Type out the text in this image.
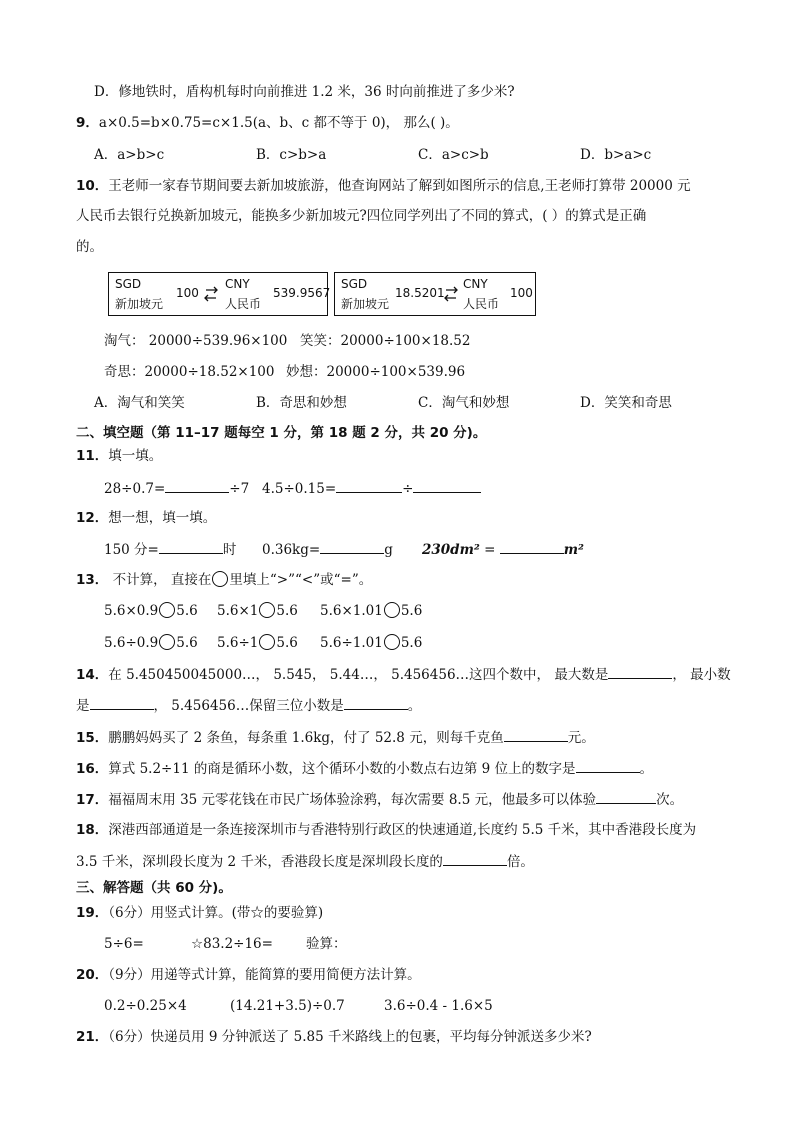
D．修地铁时，盾构机每时向前推进 1.2 米，36 时向前推进了多少米?
9．a×0.5=b×0.75=c×1.5(a、b、c 都不等于 0)， 那么( )。
A．a>b>c	B．c>b>a	C．a>c>b	D．b>a>c
10．王老师一家春节期间要去新加坡旅游，他查询网站了解到如图所示的信息,王老师打算带 20000 元
人民币去银行兑换新加坡元，能换多少新加坡元?四位同学列出了不同的算式，( ）的算式是正确
的。
SGD
新加坡元
100
CNY
人民币
539.9567
SGD
新加坡元
18.5201
CNY
人民币
100
淘气： 20000÷539.96×100 笑笑：20000÷100×18.52
奇思：20000÷18.52×100 妙想：20000÷100×539.96
A．淘气和笑笑	B．奇思和妙想	C．淘气和妙想	D．笑笑和奇思
二、填空题（第 11–17 题每空 1 分，第 18 题 2 分，共 20 分)。
11．填一填。
28÷0.7=	÷7 4.5÷0.15=	÷
12．想一想，填一填。
150 分=	时 0.36kg=	g 230dm² =	m²
13． 不计算， 直接在 里填上“>”“<”或“=”。
5.6×0.9 5.6 5.6×1 5.6 5.6×1.01 5.6
5.6÷0.9 5.6 5.6÷1 5.6 5.6÷1.01 5.6
14．在 5.450450045000…， 5.545， 5.44…， 5.456456…这四个数中， 最大数是	， 最小数
是	， 5.456456…保留三位小数是	。
15．鹏鹏妈妈买了 2 条鱼，每条重 1.6kg，付了 52.8 元，则每千克鱼	元。
16．算式 5.2÷11 的商是循环小数，这个循环小数的小数点右边第 9 位上的数字是	。
17．福福周末用 35 元零花钱在市民广场体验涂鸦，每次需要 8.5 元，他最多可以体验	次。
18．深港西部通道是一条连接深圳市与香港特别行政区的快速通道,长度约 5.5 千米，其中香港段长度为
3.5 千米，深圳段长度为 2 千米，香港段长度是深圳段长度的	倍。
三、解答题（共 60 分)。
19．（6分）用竖式计算。(带☆的要验算)
5÷6=	☆83.2÷16= 验算：
20．（9分）用递等式计算，能简算的要用简便方法计算。
0.2÷0.25×4	(14.21+3.5)÷0.7	3.6÷0.4 - 1.6×5
21．（6分）快递员用 9 分钟派送了 5.85 千米路线上的包裹，平均每分钟派送多少米?
